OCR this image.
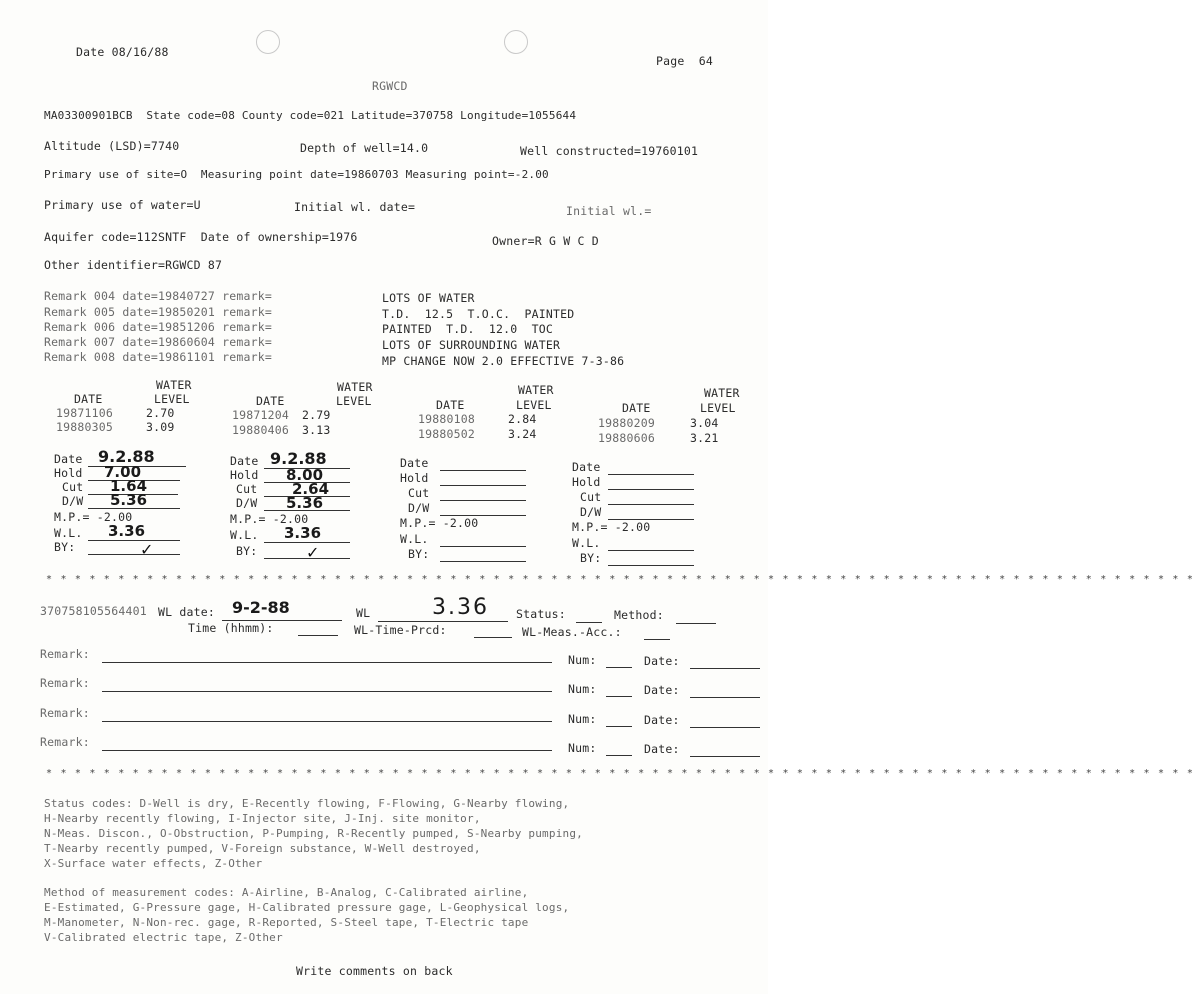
Date 08/16/88
Page  64
RGWCD
MA03300901BCB  State code=08 County code=021 Latitude=370758 Longitude=1055644
Altitude (LSD)=7740	Depth of well=14.0	Well constructed=19760101
Primary use of site=O  Measuring point date=19860703 Measuring point=-2.00
Primary use of water=U	Initial wl. date=	Initial wl.=
Aquifer code=112SNTF  Date of ownership=1976	Owner=R G W C D
Other identifier=RGWCD 87
Remark 004 date=19840727 remark=	LOTS OF WATER
Remark 005 date=19850201 remark=	T.D.  12.5  T.O.C.  PAINTED
Remark 006 date=19851206 remark=	PAINTED  T.D.  12.0  TOC
Remark 007 date=19860604 remark=	LOTS OF SURROUNDING WATER
Remark 008 date=19861101 remark=	MP CHANGE NOW 2.0 EFFECTIVE 7-3-86
WATER
DATE	LEVEL
19871106	2.70
19880305	3.09
WATER
DATE	LEVEL
19871204 2.79
19880406 3.13
WATER
DATE	LEVEL
19880108	2.84
19880502	3.24
WATER
DATE	LEVEL
19880209	3.04
19880606	3.21
Date 9.2.88
Hold 7.00
Cut 1.64
D/W 5.36
M.P.= -2.00
W.L. 3.36
BY:	✓
Date 9.2.88
Hold 8.00
Cut 2.64
D/W 5.36
M.P.= -2.00
W.L. 3.36
BY:	✓
Date
Hold
Cut
D/W
M.P.= -2.00
W.L.
BY:
Date
Hold
Cut
D/W
M.P.= -2.00
W.L.
BY:
* * * * * * * * * * * * * * * * * * * * * * * * * * * * * * * * * * * * * * * * * * * * * * * * * * * * * * * * * * * * * * * * * * * * * * * * * * * * * * * *
370758105564401 WL date: 9-2-88	WL	3.36 Status:	Method:
Time (hhmm):	WL-Time-Prcd:	WL-Meas.-Acc.:
Remark:	Num:	Date:
Remark:	Num:	Date:
Remark:	Num:	Date:
Remark:	Num:	Date:
* * * * * * * * * * * * * * * * * * * * * * * * * * * * * * * * * * * * * * * * * * * * * * * * * * * * * * * * * * * * * * * * * * * * * * * * * * * * * * * *
Status codes: D-Well is dry, E-Recently flowing, F-Flowing, G-Nearby flowing,
H-Nearby recently flowing, I-Injector site, J-Inj. site monitor,
N-Meas. Discon., O-Obstruction, P-Pumping, R-Recently pumped, S-Nearby pumping,
T-Nearby recently pumped, V-Foreign substance, W-Well destroyed,
X-Surface water effects, Z-Other
Method of measurement codes: A-Airline, B-Analog, C-Calibrated airline,
E-Estimated, G-Pressure gage, H-Calibrated pressure gage, L-Geophysical logs,
M-Manometer, N-Non-rec. gage, R-Reported, S-Steel tape, T-Electric tape
V-Calibrated electric tape, Z-Other
Write comments on back
